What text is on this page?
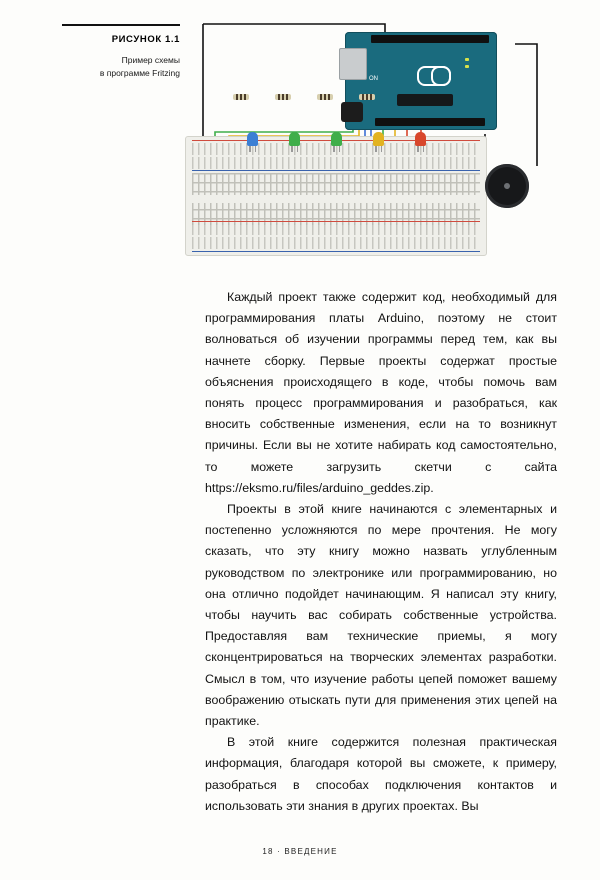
РИСУНОК 1.1
Пример схемы
в программе Fritzing
ON

Каждый проект также содержит код, необходимый для программирования платы Arduino, поэтому не стоит волноваться об изучении программы перед тем, как вы начнете сборку. Первые проекты содержат простые объяснения происходящего в коде, чтобы помочь вам понять процесс программирования и разобраться, как вносить собственные изменения, если на то возникнут причины. Если вы не хотите набирать код самостоятельно, то можете загрузить скетчи с сайта https://eksmo.ru/files/arduino_geddes.zip.

Проекты в этой книге начинаются с элементарных и постепенно усложняются по мере прочтения. Не могу сказать, что эту книгу можно назвать углубленным руководством по электронике или программированию, но она отлично подойдет начинающим. Я написал эту книгу, чтобы научить вас собирать собственные устройства. Предоставляя вам технические приемы, я могу сконцентрироваться на творческих элементах разработки. Смысл в том, что изучение работы цепей поможет вашему воображению отыскать пути для применения этих цепей на практике.

В этой книге содержится полезная практическая информация, благодаря которой вы сможете, к примеру, разобраться в способах подключения контактов и использовать эти знания в других проектах. Вы

18 · ВВЕДЕНИЕ
